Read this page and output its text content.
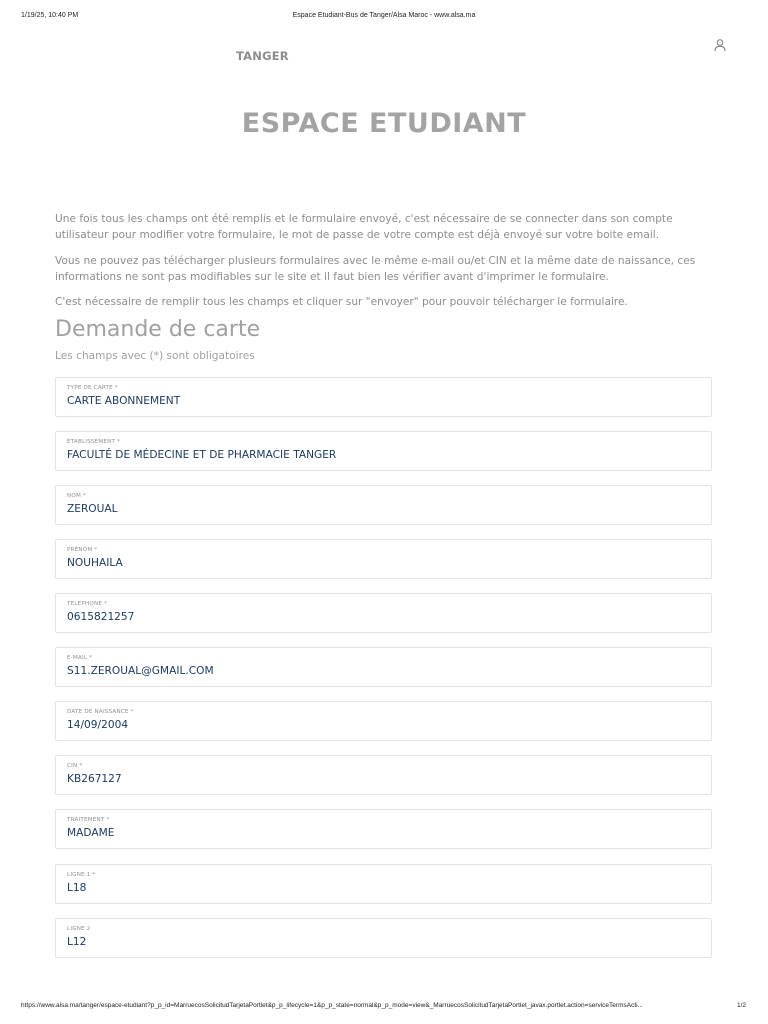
1/19/25, 10:40 PM	Espace Etudiant-Bus de Tanger/Alsa Maroc - www.alsa.ma
TANGER
ESPACE ETUDIANT

Une fois tous les champs ont été remplis et le formulaire envoyé, c'est nécessaire de se connecter dans son compte utilisateur pour modifier votre formulaire, le mot de passe de votre compte est déjà envoyé sur votre boite email.

Vous ne pouvez pas télécharger plusieurs formulaires avec le même e-mail ou/et CIN et la même date de naissance, ces informations ne sont pas modifiables sur le site et il faut bien les vérifier avant d'imprimer le formulaire.

C'est nécessaire de remplir tous les champs et cliquer sur "envoyer" pour pouvoir télécharger le formulaire.

Demande de carte
Les champs avec (*) sont obligatoires
TYPE DE CARTE *
CARTE ABONNEMENT
ÉTABLISSEMENT *
FACULTÉ DE MÉDECINE ET DE PHARMACIE TANGER
NOM *
ZEROUAL
PRÉNOM *
NOUHAILA
TELEPHONE *
0615821257
E-MAIL *
S11.ZEROUAL@GMAIL.COM
DATE DE NAISSANCE *
14/09/2004
CIN *
KB267127
TRAITEMENT *
MADAME
LIGNE 1 *
L18
LIGNE 2
L12
https://www.alsa.ma/tanger/espace-etudiant?p_p_id=MarruecosSolicitudTarjetaPortlet&p_p_lifecycle=1&p_p_state=normal&p_p_mode=view&_MarruecosSolicitudTarjetaPortlet_javax.portlet.action=serviceTermsActi...	1/2
